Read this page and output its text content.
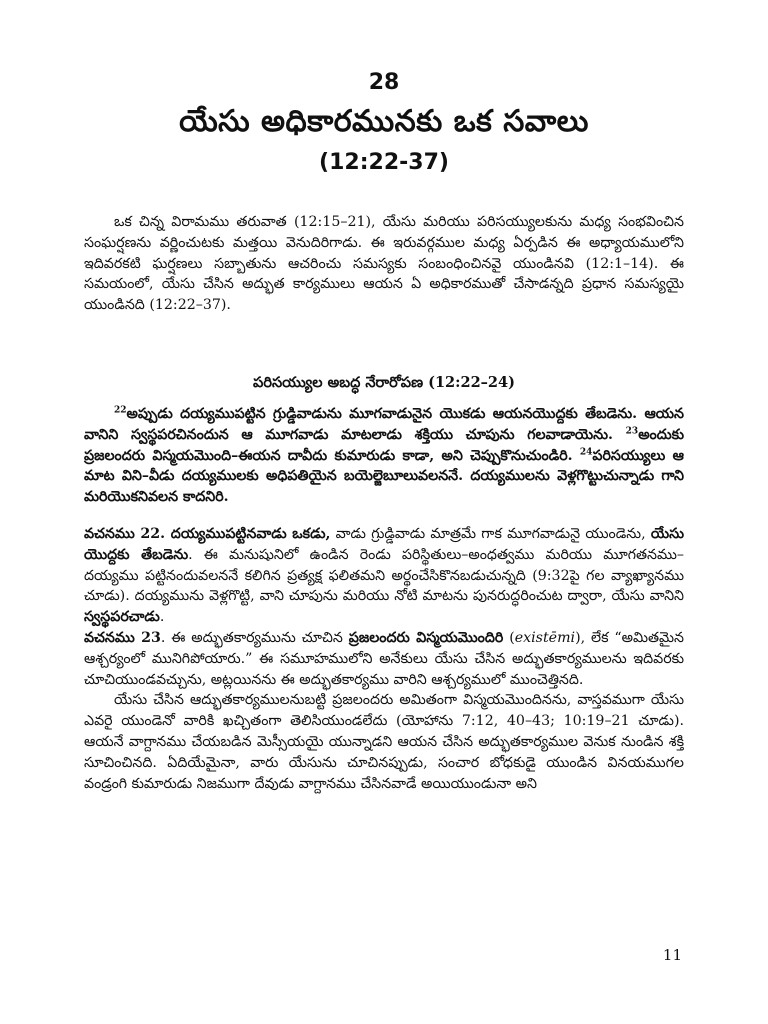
28
యేసు అధికారమునకు ఒక సవాలు
(12:22-37)

ఒక చిన్న విరామము తరువాత (12:15–21), యేసు మరియు పరిసయ్యులకును మధ్య సంభవించిన సంఘర్షణను వర్ణించుటకు మత్తయి వెనుదిరిగాడు. ఈ ఇరువర్గముల మధ్య ఏర్పడిన ఈ అధ్యాయములోని ఇదివరకటి ఘర్షణలు సబ్బాతును ఆచరించు సమస్యకు సంబంధించినవై యుండినవి (12:1–14). ఈ సమయంలో, యేసు చేసిన అద్భుత కార్యములు ఆయన ఏ అధికారముతో చేసాడన్నది ప్రధాన సమస్యయై యుండినది (12:22–37).

పరిసయ్యుల అబద్ధ నేరారోపణ (12:22–24)

$^{22}$అప్పుడు దయ్యముపట్టిన గ్రుడ్డివాడును మూగవాడునైన యొకడు ఆయనయొద్దకు తేబడెను. ఆయన వానిని స్వస్థపరచినందున ఆ మూగవాడు మాటలాడు శక్తియు చూపును గలవాడాయెను. $^{23}$అందుకు ప్రజలందరు విస్మయమొంది–ఈయన దావీదు కుమారుడు కాడా, అని చెప్పుకొనుచుండిరి. $^{24}$పరిసయ్యులు ఆ మాట విని–వీడు దయ్యములకు అధిపతియైన బయెల్జెబూలువలననే. దయ్యములను వెళ్లగొట్టుచున్నాడు గాని మరియొకనివలన కాదనిరి.

వచనము 22. దయ్యముపట్టినవాడు ఒకడు, వాడు గ్రుడ్డివాడు మాత్రమే గాక మూగవాడునై యుండెను, యేసు యొద్దకు తేబడెను. ఈ మనుషునిలో ఉండిన రెండు పరిస్థితులు–అంధత్వము మరియు మూగతనము–దయ్యము పట్టినందువలననే కలిగిన ప్రత్యక్ష ఫలితమని అర్థంచేసికొనబడుచున్నది (9:32పై గల వ్యాఖ్యానము చూడు). దయ్యమును వెళ్లగొట్టి, వాని చూపును మరియు నోటి మాటను పునరుద్ధరించుట ద్వారా, యేసు వానిని స్వస్థపరచాడు.

వచనము 23. ఈ అద్భుతకార్యమును చూచిన ప్రజలందరు విస్మయమొందిరి (existēmi), లేక “అమితమైన ఆశ్చర్యంలో మునిగిపోయారు.” ఈ సమూహములోని అనేకులు యేసు చేసిన అద్భుతకార్యములను ఇదివరకు చూచియుండవచ్చును, అట్లయినను ఈ అద్భుతకార్యము వారిని ఆశ్చర్యములో ముంచెత్తినది.

యేసు చేసిన ఆద్భుతకార్యములనుబట్టి ప్రజలందరు అమితంగా విస్మయమొందినను, వాస్తవముగా యేసు ఎవరై యుండెనో వారికి ఖచ్చితంగా తెలిసియుండలేదు (యోహాను 7:12, 40–43; 10:19–21 చూడు). ఆయనే వాగ్దానము చేయబడిన మెస్సీయయై యున్నాడని ఆయన చేసిన అద్భుతకార్యముల వెనుక నుండిన శక్తి సూచించినది. ఏదియేమైనా, వారు యేసును చూచినప్పుడు, సంచార బోధకుడై యుండిన వినయముగల వండ్రంగి కుమారుడు నిజముగా దేవుడు వాగ్దానము చేసినవాడే అయియుండునా అని

11
